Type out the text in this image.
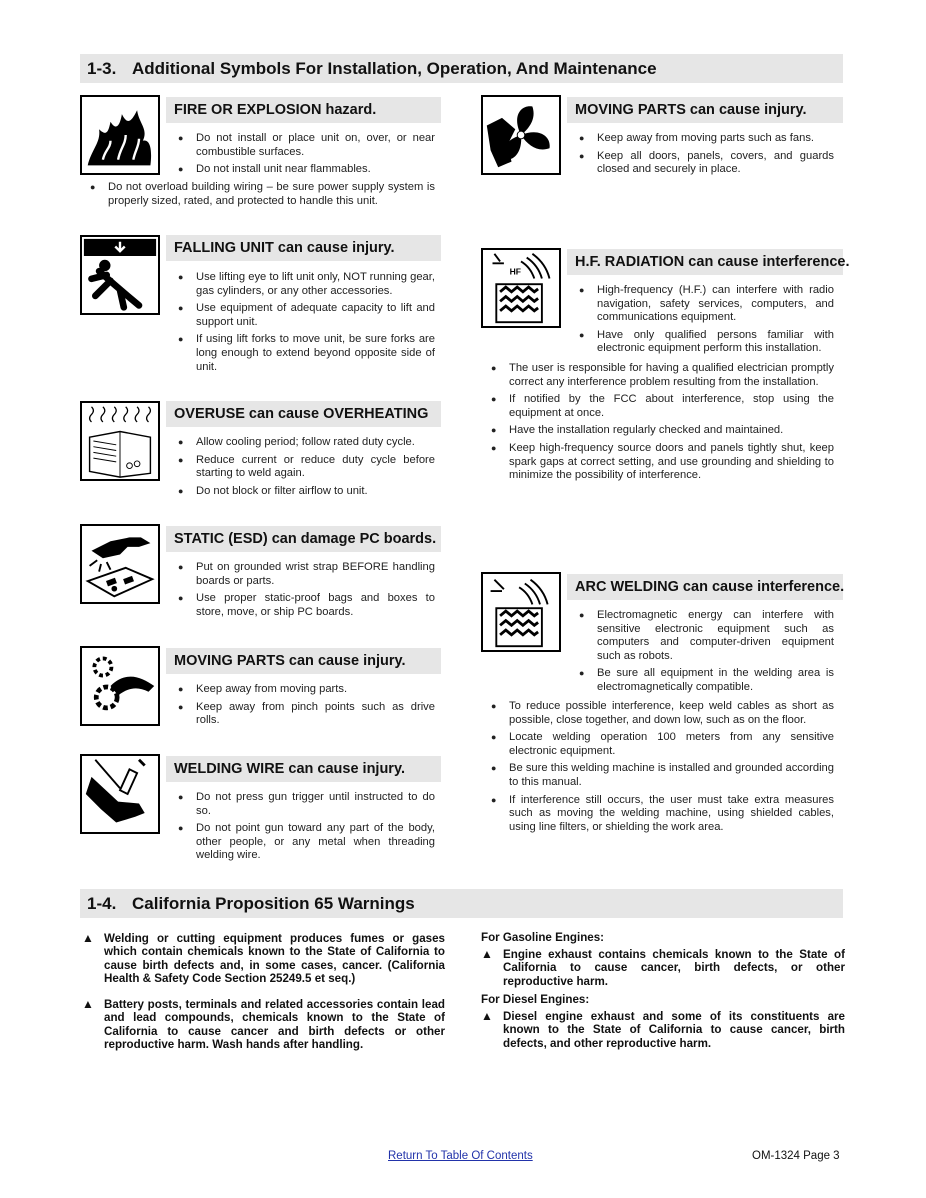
1-3. Additional Symbols For Installation, Operation, And Maintenance
FIRE OR EXPLOSION hazard.
● Do not install or place unit on, over, or near combustible surfaces.
● Do not install unit near flammables.
● Do not overload building wiring – be sure power supply system is properly sized, rated, and protected to handle this unit.
FALLING UNIT can cause injury.
● Use lifting eye to lift unit only, NOT running gear, gas cylinders, or any other accessories.
● Use equipment of adequate capacity to lift and support unit.
● If using lift forks to move unit, be sure forks are long enough to extend beyond opposite side of unit.
OVERUSE can cause OVERHEATING
● Allow cooling period; follow rated duty cycle.
● Reduce current or reduce duty cycle before starting to weld again.
● Do not block or filter airflow to unit.
STATIC (ESD) can damage PC boards.
● Put on grounded wrist strap BEFORE handling boards or parts.
● Use proper static-proof bags and boxes to store, move, or ship PC boards.
MOVING PARTS can cause injury.
● Keep away from moving parts.
● Keep away from pinch points such as drive rolls.
WELDING WIRE can cause injury.
● Do not press gun trigger until instructed to do so.
● Do not point gun toward any part of the body, other people, or any metal when threading welding wire.
MOVING PARTS can cause injury.
● Keep away from moving parts such as fans.
● Keep all doors, panels, covers, and guards closed and securely in place.
HF
H.F. RADIATION can cause interference.
● High-frequency (H.F.) can interfere with radio navigation, safety services, computers, and communications equipment.
● Have only qualified persons familiar with electronic equipment perform this installation.
● The user is responsible for having a qualified electrician promptly correct any interference problem resulting from the installation.
● If notified by the FCC about interference, stop using the equipment at once.
● Have the installation regularly checked and maintained.
● Keep high-frequency source doors and panels tightly shut, keep spark gaps at correct setting, and use grounding and shielding to minimize the possibility of interference.
ARC WELDING can cause interference.
● Electromagnetic energy can interfere with sensitive electronic equipment such as computers and computer-driven equipment such as robots.
● Be sure all equipment in the welding area is electromagnetically compatible.
● To reduce possible interference, keep weld cables as short as possible, close together, and down low, such as on the floor.
● Locate welding operation 100 meters from any sensitive electronic equipment.
● Be sure this welding machine is installed and grounded according to this manual.
● If interference still occurs, the user must take extra measures such as moving the welding machine, using shielded cables, using line filters, or shielding the work area.
1-4. California Proposition 65 Warnings
▲ Welding or cutting equipment produces fumes or gases which contain chemicals known to the State of California to cause birth defects and, in some cases, cancer. (California Health & Safety Code Section 25249.5 et seq.)
▲ Battery posts, terminals and related accessories contain lead and lead compounds, chemicals known to the State of California to cause cancer and birth defects or other reproductive harm. Wash hands after handling.
For Gasoline Engines:
▲ Engine exhaust contains chemicals known to the State of California to cause cancer, birth defects, or other reproductive harm.
For Diesel Engines:
▲ Diesel engine exhaust and some of its constituents are known to the State of California to cause cancer, birth defects, and other reproductive harm.
Return To Table Of Contents	OM-1324 Page 3
